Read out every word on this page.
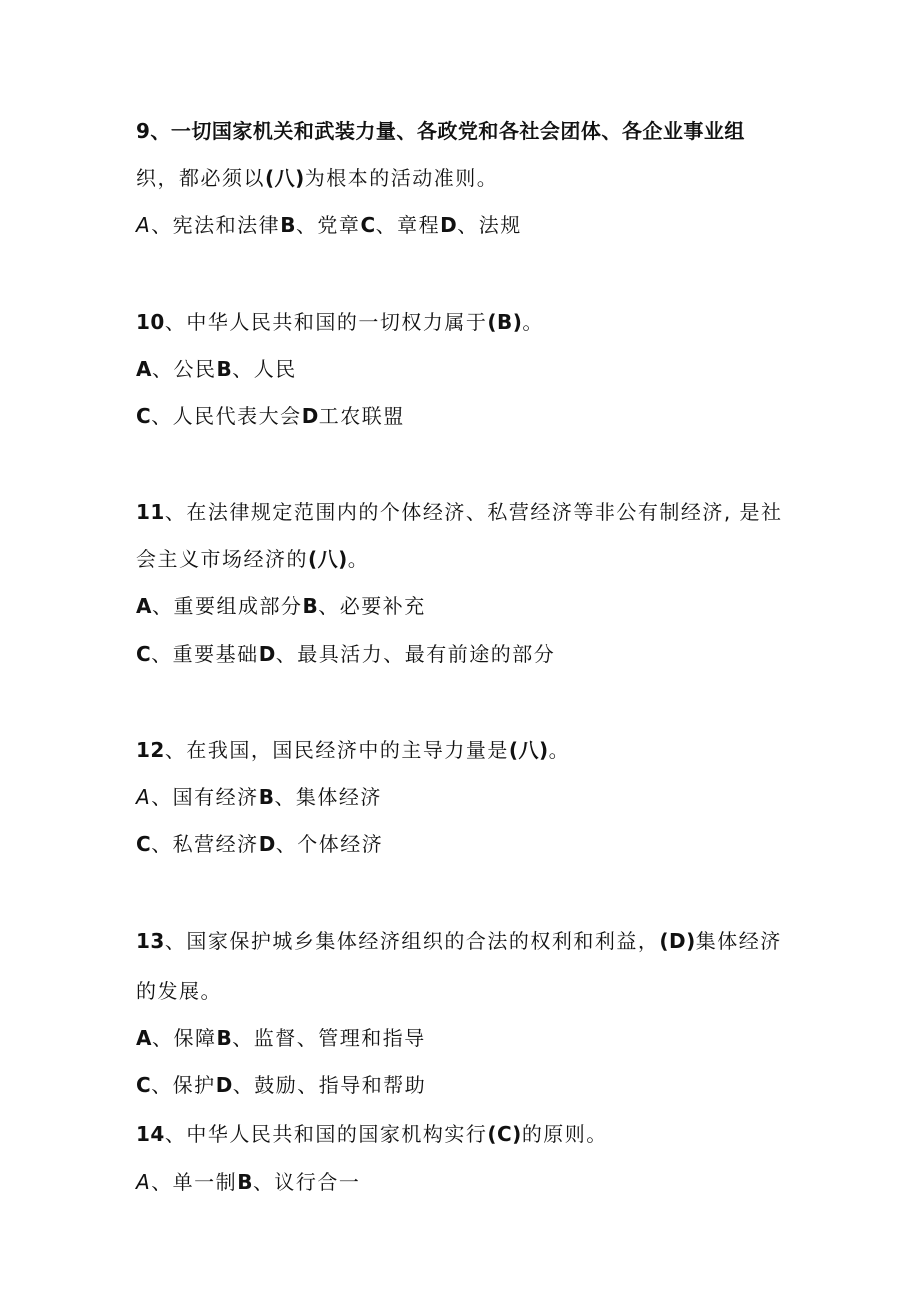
9、一切国家机关和武装力量、各政党和各社会团体、各企业事业组

织，都必须以(八)为根本的活动准则。

A、宪法和法律B、党章C、章程D、法规

10、中华人民共和国的一切权力属于(B)。

A、公民B、人民

C、人民代表大会D工农联盟

11、在法律规定范围内的个体经济、私营经济等非公有制经济, 是社

会主义市场经济的(八)。

A、重要组成部分B、必要补充

C、重要基础D、最具活力、最有前途的部分

12、在我国，国民经济中的主导力量是(八)。

A、国有经济B、集体经济

C、私营经济D、个体经济

13、国家保护城乡集体经济组织的合法的权利和利益，(D)集体经济

的发展。

A、保障B、监督、管理和指导

C、保护D、鼓励、指导和帮助

14、中华人民共和国的国家机构实行(C)的原则。

A、单一制B、议行合一
